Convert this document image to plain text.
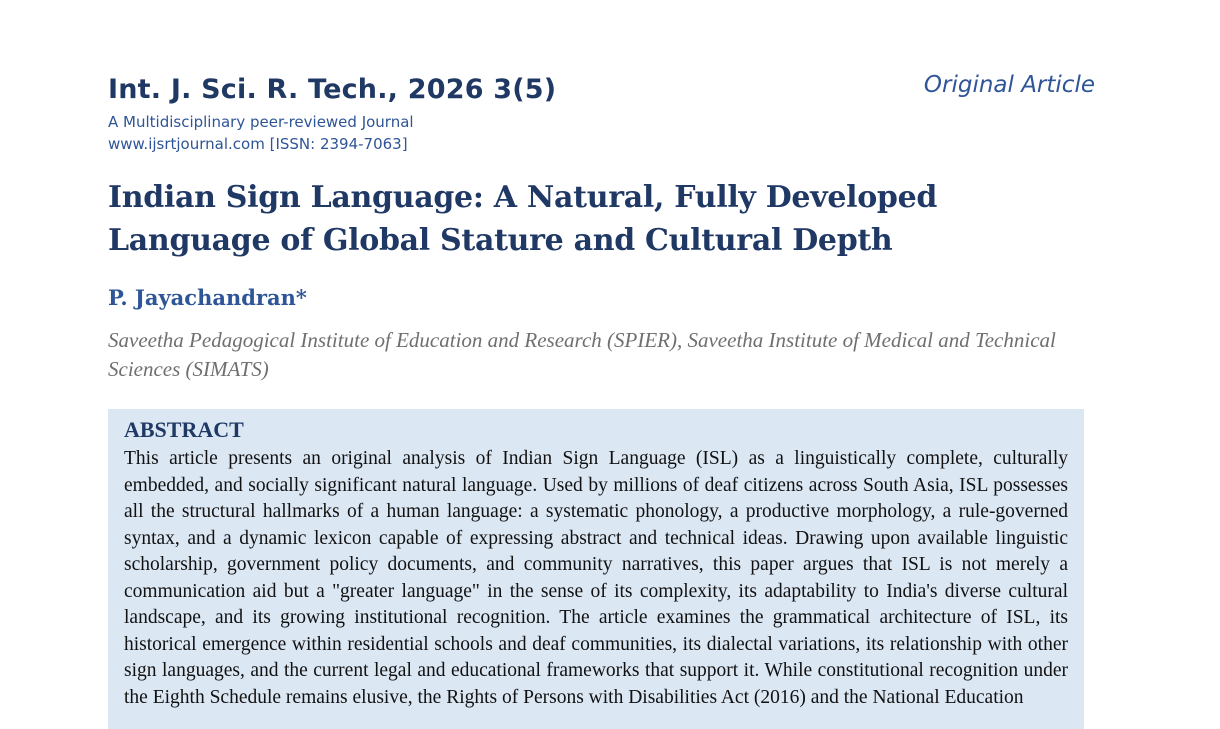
Int. J. Sci. R. Tech., 2026 3(5)
A Multidisciplinary peer-reviewed Journal
www.ijsrtjournal.com [ISSN: 2394-7063]
Original Article
Indian Sign Language: A Natural, Fully Developed Language of Global Stature and Cultural Depth
P. Jayachandran*
Saveetha Pedagogical Institute of Education and Research (SPIER), Saveetha Institute of Medical and Technical Sciences (SIMATS)
ABSTRACT
This article presents an original analysis of Indian Sign Language (ISL) as a linguistically complete, culturally embedded, and socially significant natural language. Used by millions of deaf citizens across South Asia, ISL possesses all the structural hallmarks of a human language: a systematic phonology, a productive morphology, a rule-governed syntax, and a dynamic lexicon capable of expressing abstract and technical ideas. Drawing upon available linguistic scholarship, government policy documents, and community narratives, this paper argues that ISL is not merely a communication aid but a "greater language" in the sense of its complexity, its adaptability to India's diverse cultural landscape, and its growing institutional recognition. The article examines the grammatical architecture of ISL, its historical emergence within residential schools and deaf communities, its dialectal variations, its relationship with other sign languages, and the current legal and educational frameworks that support it. While constitutional recognition under the Eighth Schedule remains elusive, the Rights of Persons with Disabilities Act (2016) and the National Education
